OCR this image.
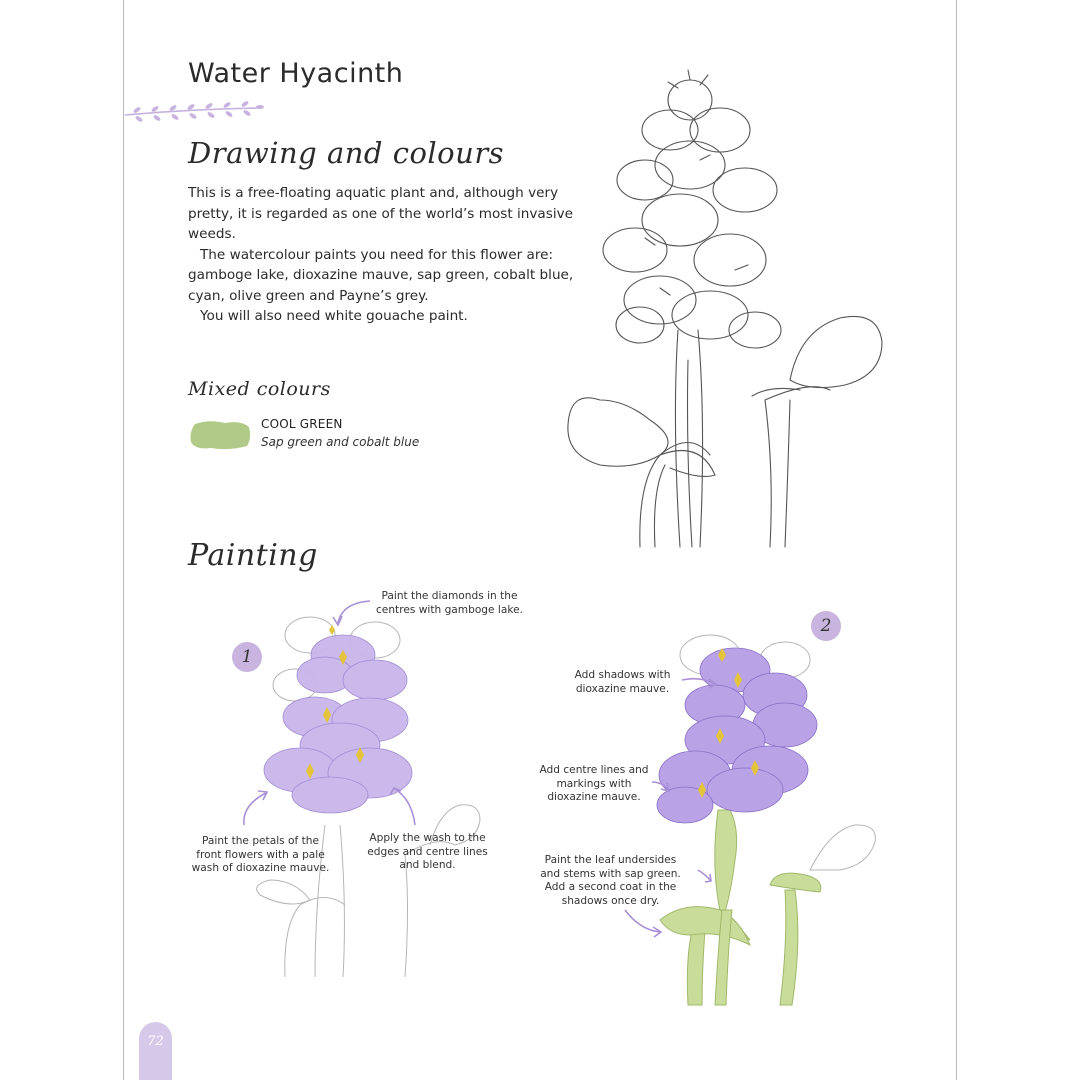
Water Hyacinth
Drawing and colours

This is a free-floating aquatic plant and, although very pretty, it is regarded as one of the world’s most invasive weeds.

The watercolour paints you need for this flower are: gamboge lake, dioxazine mauve, sap green, cobalt blue, cyan, olive green and Payne’s grey.

You will also need white gouache paint.

Mixed colours
COOL GREEN
Sap green and cobalt blue
Painting
1
Paint the diamonds in the centres with gamboge lake.
Paint the petals of the front flowers with a pale wash of dioxazine mauve.
Apply the wash to the edges and centre lines and blend.
2
Add shadows with dioxazine mauve.
Add centre lines and markings with dioxazine mauve.
Paint the leaf undersides and stems with sap green. Add a second coat in the shadows once dry.
72
